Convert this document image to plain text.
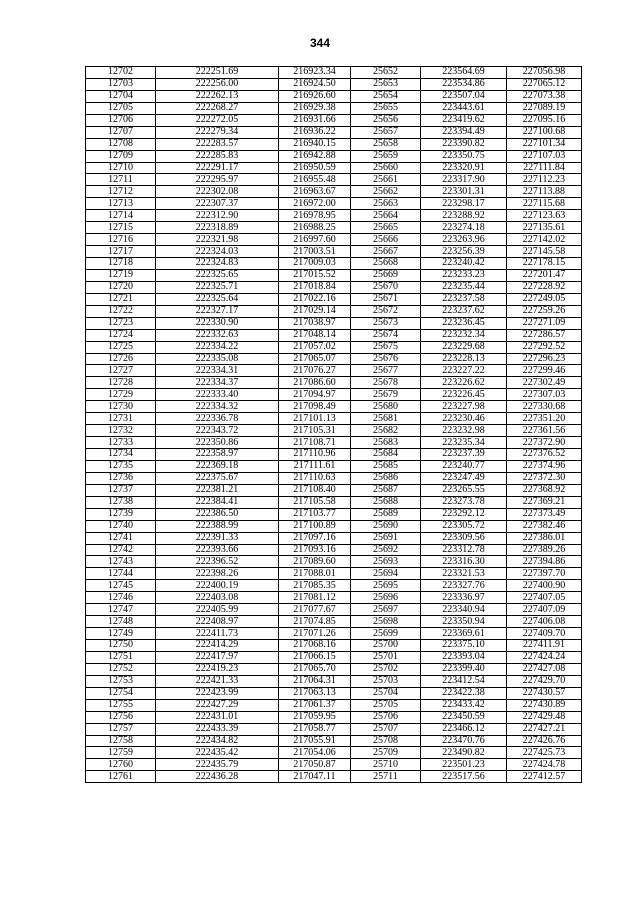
344
12702	222251.69	216923.34	25652	223564.69	227056.98
12703	222256.00	216924.50	25653	223534.86	227065.12
12704	222262.13	216926.60	25654	223507.04	227073.38
12705	222268.27	216929.38	25655	223443.61	227089.19
12706	222272.05	216931.66	25656	223419.62	227095.16
12707	222279.34	216936.22	25657	223394.49	227100.68
12708	222283.57	216940.15	25658	223390.82	227101.34
12709	222285.83	216942.88	25659	223350.75	227107.03
12710	222291.17	216950.59	25660	223320.91	227111.84
12711	222295.97	216955.48	25661	223317.90	227112.23
12712	222302.08	216963.67	25662	223301.31	227113.88
12713	222307.37	216972.00	25663	223298.17	227115.68
12714	222312.90	216978.95	25664	223288.92	227123.63
12715	222318.89	216988.25	25665	223274.18	227135.61
12716	222321.98	216997.60	25666	223263.96	227142.02
12717	222324.03	217003.51	25667	223256.39	227145.58
12718	222324.83	217009.03	25668	223240.42	227178.15
12719	222325.65	217015.52	25669	223233.23	227201.47
12720	222325.71	217018.84	25670	223235.44	227228.92
12721	222325.64	217022.16	25671	223237.58	227249.05
12722	222327.17	217029.14	25672	223237.62	227259.26
12723	222330.90	217038.97	25673	223236.45	227271.09
12724	222332.63	217048.14	25674	223232.34	227286.57
12725	222334.22	217057.02	25675	223229.68	227292.52
12726	222335.08	217065.07	25676	223228.13	227296.23
12727	222334.31	217076.27	25677	223227.22	227299.46
12728	222334.37	217086.60	25678	223226.62	227302.49
12729	222333.40	217094.97	25679	223226.45	227307.03
12730	222334.32	217098.49	25680	223227.98	227330.68
12731	222336.78	217101.13	25681	223230.46	227351.20
12732	222343.72	217105.31	25682	223232.98	227361.56
12733	222350.86	217108.71	25683	223235.34	227372.90
12734	222358.97	217110.96	25684	223237.39	227376.52
12735	222369.18	217111.61	25685	223240.77	227374.96
12736	222375.67	217110.63	25686	223247.49	227372.30
12737	222381.21	217108.40	25687	223265.55	227368.92
12738	222384.41	217105.58	25688	223273.78	227369.21
12739	222386.50	217103.77	25689	223292.12	227373.49
12740	222388.99	217100.89	25690	223305.72	227382.46
12741	222391.33	217097.16	25691	223309.56	227386.01
12742	222393.66	217093.16	25692	223312.78	227389.26
12743	222396.52	217089.60	25693	223316.30	227394.86
12744	222398.26	217088.01	25694	223321.53	227397.70
12745	222400.19	217085.35	25695	223327.76	227400.90
12746	222403.08	217081.12	25696	223336.97	227407.05
12747	222405.99	217077.67	25697	223340.94	227407.09
12748	222408.97	217074.85	25698	223350.94	227406.08
12749	222411.73	217071.26	25699	223369.61	227409.70
12750	222414.29	217068.16	25700	223375.10	227411.91
12751	222417.97	217066.15	25701	223393.04	227424.24
12752	222419.23	217065.70	25702	223399.40	227427.08
12753	222421.33	217064.31	25703	223412.54	227429.70
12754	222423.99	217063.13	25704	223422.38	227430.57
12755	222427.29	217061.37	25705	223433.42	227430.89
12756	222431.01	217059.95	25706	223450.59	227429.48
12757	222433.39	217058.77	25707	223466.12	227427.21
12758	222434.82	217055.91	25708	223470.76	227426.76
12759	222435.42	217054.06	25709	223490.82	227425.73
12760	222435.79	217050.87	25710	223501.23	227424.78
12761	222436.28	217047.11	25711	223517.56	227412.57
